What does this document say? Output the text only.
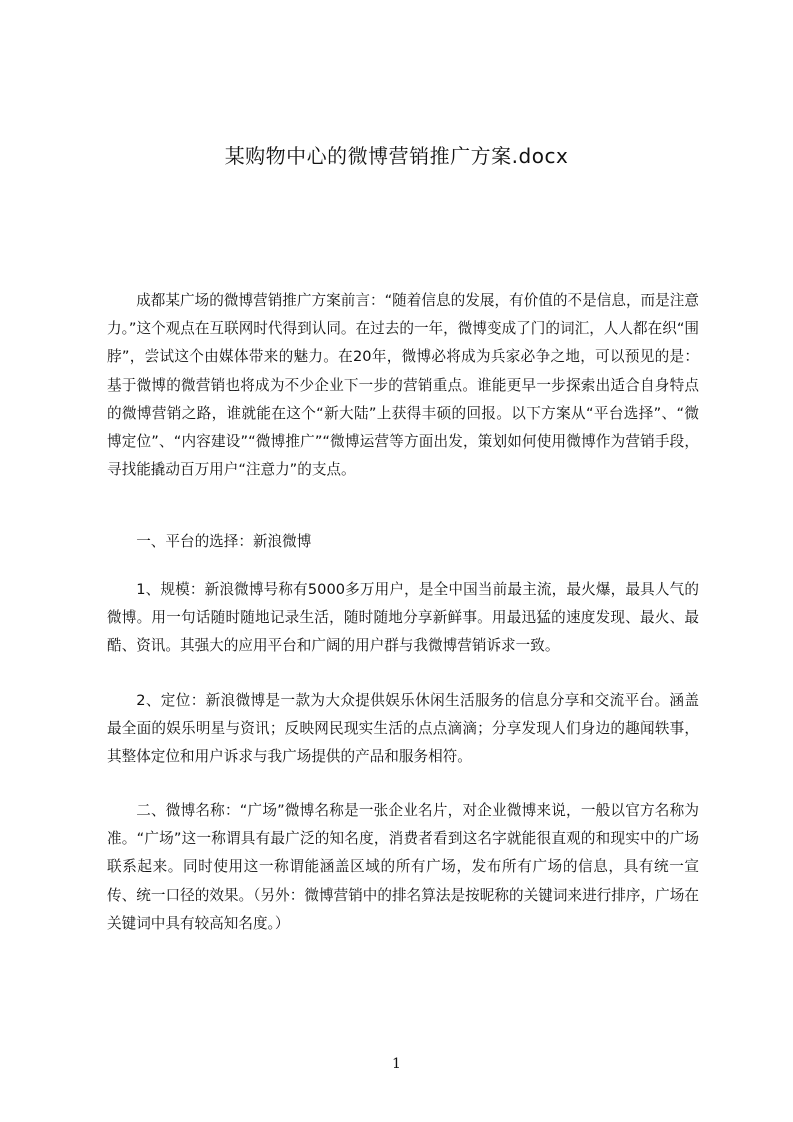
某购物中心的微博营销推广方案.docx

成都某广场的微博营销推广方案前言：“随着信息的发展，有价值的不是信息，而是注意力。”这个观点在互联网时代得到认同。在过去的一年，微博变成了门的词汇，人人都在织“围脖”，尝试这个由媒体带来的魅力。在20年，微博必将成为兵家必争之地，可以预见的是：基于微博的微营销也将成为不少企业下一步的营销重点。谁能更早一步探索出适合自身特点的微博营销之路，谁就能在这个“新大陆”上获得丰硕的回报。以下方案从“平台选择”、“微博定位”、“内容建设”“微博推广”“微博运营等方面出发，策划如何使用微博作为营销手段，寻找能撬动百万用户“注意力”的支点。

一、平台的选择：新浪微博

1、规模：新浪微博号称有5000多万用户，是全中国当前最主流，最火爆，最具人气的微博。用一句话随时随地记录生活，随时随地分享新鲜事。用最迅猛的速度发现、最火、最酷、资讯。其强大的应用平台和广阔的用户群与我微博营销诉求一致。

2、定位：新浪微博是一款为大众提供娱乐休闲生活服务的信息分享和交流平台。涵盖最全面的娱乐明星与资讯；反映网民现实生活的点点滴滴；分享发现人们身边的趣闻轶事，其整体定位和用户诉求与我广场提供的产品和服务相符。

二、微博名称：“广场”微博名称是一张企业名片，对企业微博来说，一般以官方名称为准。“广场”这一称谓具有最广泛的知名度，消费者看到这名字就能很直观的和现实中的广场联系起来。同时使用这一称谓能涵盖区域的所有广场，发布所有广场的信息，具有统一宣传、统一口径的效果。（另外：微博营销中的排名算法是按昵称的关键词来进行排序，广场在关键词中具有较高知名度。）

1
